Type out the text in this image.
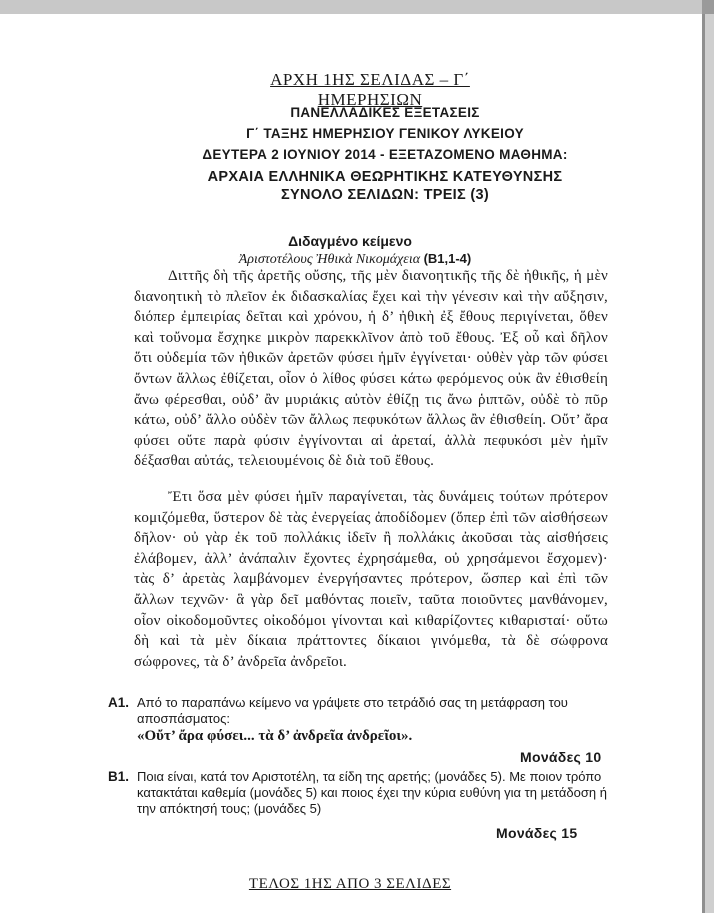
ΑΡΧΗ 1ΗΣ ΣΕΛΙΔΑΣ – Γ΄ ΗΜΕΡΗΣΙΩΝ
ΠΑΝΕΛΛΑΔΙΚΕΣ ΕΞΕΤΑΣΕΙΣ
Γ΄ ΤΑΞΗΣ ΗΜΕΡΗΣΙΟΥ ΓΕΝΙΚΟΥ ΛΥΚΕΙΟΥ
ΔΕΥΤΕΡΑ 2 ΙΟΥΝΙΟΥ 2014 - ΕΞΕΤΑΖΟΜΕΝΟ ΜΑΘΗΜΑ:
ΑΡΧΑΙΑ ΕΛΛΗΝΙΚΑ ΘΕΩΡΗΤΙΚΗΣ ΚΑΤΕΥΘΥΝΣΗΣ
ΣΥΝΟΛΟ ΣΕΛΙΔΩΝ: ΤΡΕΙΣ (3)
Διδαγμένο κείμενο
Ἀριστοτέλους Ἠθικὰ Νικομάχεια (Β1,1-4)
Διττῆς δὴ τῆς ἀρετῆς οὔσης, τῆς μὲν διανοητικῆς τῆς δὲ ἠθικῆς, ἡ μὲν διανοητικὴ τὸ πλεῖον ἐκ διδασκαλίας ἔχει καὶ τὴν γένεσιν καὶ τὴν αὔξησιν, διόπερ ἐμπειρίας δεῖται καὶ χρόνου, ἡ δ’ ἠθικὴ ἐξ ἔθους περιγίνεται, ὅθεν καὶ τοὔνομα ἔσχηκε μικρὸν παρεκκλῖνον ἀπὸ τοῦ ἔθους. Ἐξ οὗ καὶ δῆλον ὅτι οὐδεμία τῶν ἠθικῶν ἀρετῶν φύσει ἡμῖν ἐγγίνεται· οὐθὲν γὰρ τῶν φύσει ὄντων ἄλλως ἐθίζεται, οἷον ὁ λίθος φύσει κάτω φερόμενος οὐκ ἂν ἐθισθείη ἄνω φέρεσθαι, οὐδ’ ἂν μυριάκις αὐτὸν ἐθίζῃ τις ἄνω ῥιπτῶν, οὐδὲ τὸ πῦρ κάτω, οὐδ’ ἄλλο οὐδὲν τῶν ἄλλως πεφυκότων ἄλλως ἂν ἐθισθείη. Οὔτ’ ἄρα φύσει οὔτε παρὰ φύσιν ἐγγίνονται αἱ ἀρεταί, ἀλλὰ πεφυκόσι μὲν ἡμῖν δέξασθαι αὐτάς, τελειουμένοις δὲ διὰ τοῦ ἔθους.
Ἔτι ὅσα μὲν φύσει ἡμῖν παραγίνεται, τὰς δυνάμεις τούτων πρότερον κομιζόμεθα, ὕστερον δὲ τὰς ἐνεργείας ἀποδίδομεν (ὅπερ ἐπὶ τῶν αἰσθήσεων δῆλον· οὐ γὰρ ἐκ τοῦ πολλάκις ἰδεῖν ἢ πολλάκις ἀκοῦσαι τὰς αἰσθήσεις ἐλάβομεν, ἀλλ’ ἀνάπαλιν ἔχοντες ἐχρησάμεθα, οὐ χρησάμενοι ἔσχομεν)· τὰς δ’ ἀρετὰς λαμβάνομεν ἐνεργήσαντες πρότερον, ὥσπερ καὶ ἐπὶ τῶν ἄλλων τεχνῶν· ἃ γὰρ δεῖ μαθόντας ποιεῖν, ταῦτα ποιοῦντες μανθάνομεν, οἷον οἰκοδομοῦντες οἰκοδόμοι γίνονται καὶ κιθαρίζοντες κιθαρισταί· οὕτω δὴ καὶ τὰ μὲν δίκαια πράττοντες δίκαιοι γινόμεθα, τὰ δὲ σώφρονα σώφρονες, τὰ δ’ ἀνδρεῖα ἀνδρεῖοι.
Α1. Από το παραπάνω κείμενο να γράψετε στο τετράδιό σας τη μετάφραση του αποσπάσματος:
«Οὔτ’ ἄρα φύσει... τὰ δ’ ἀνδρεῖα ἀνδρεῖοι».
Μονάδες 10
Β1. Ποια είναι, κατά τον Αριστοτέλη, τα είδη της αρετής; (μονάδες 5). Με ποιον τρόπο κατακτάται καθεμία (μονάδες 5) και ποιος έχει την κύρια ευθύνη για τη μετάδοση ή την απόκτησή τους; (μονάδες 5)
Μονάδες 15
ΤΕΛΟΣ 1ΗΣ ΑΠΟ 3 ΣΕΛΙΔΕΣ
